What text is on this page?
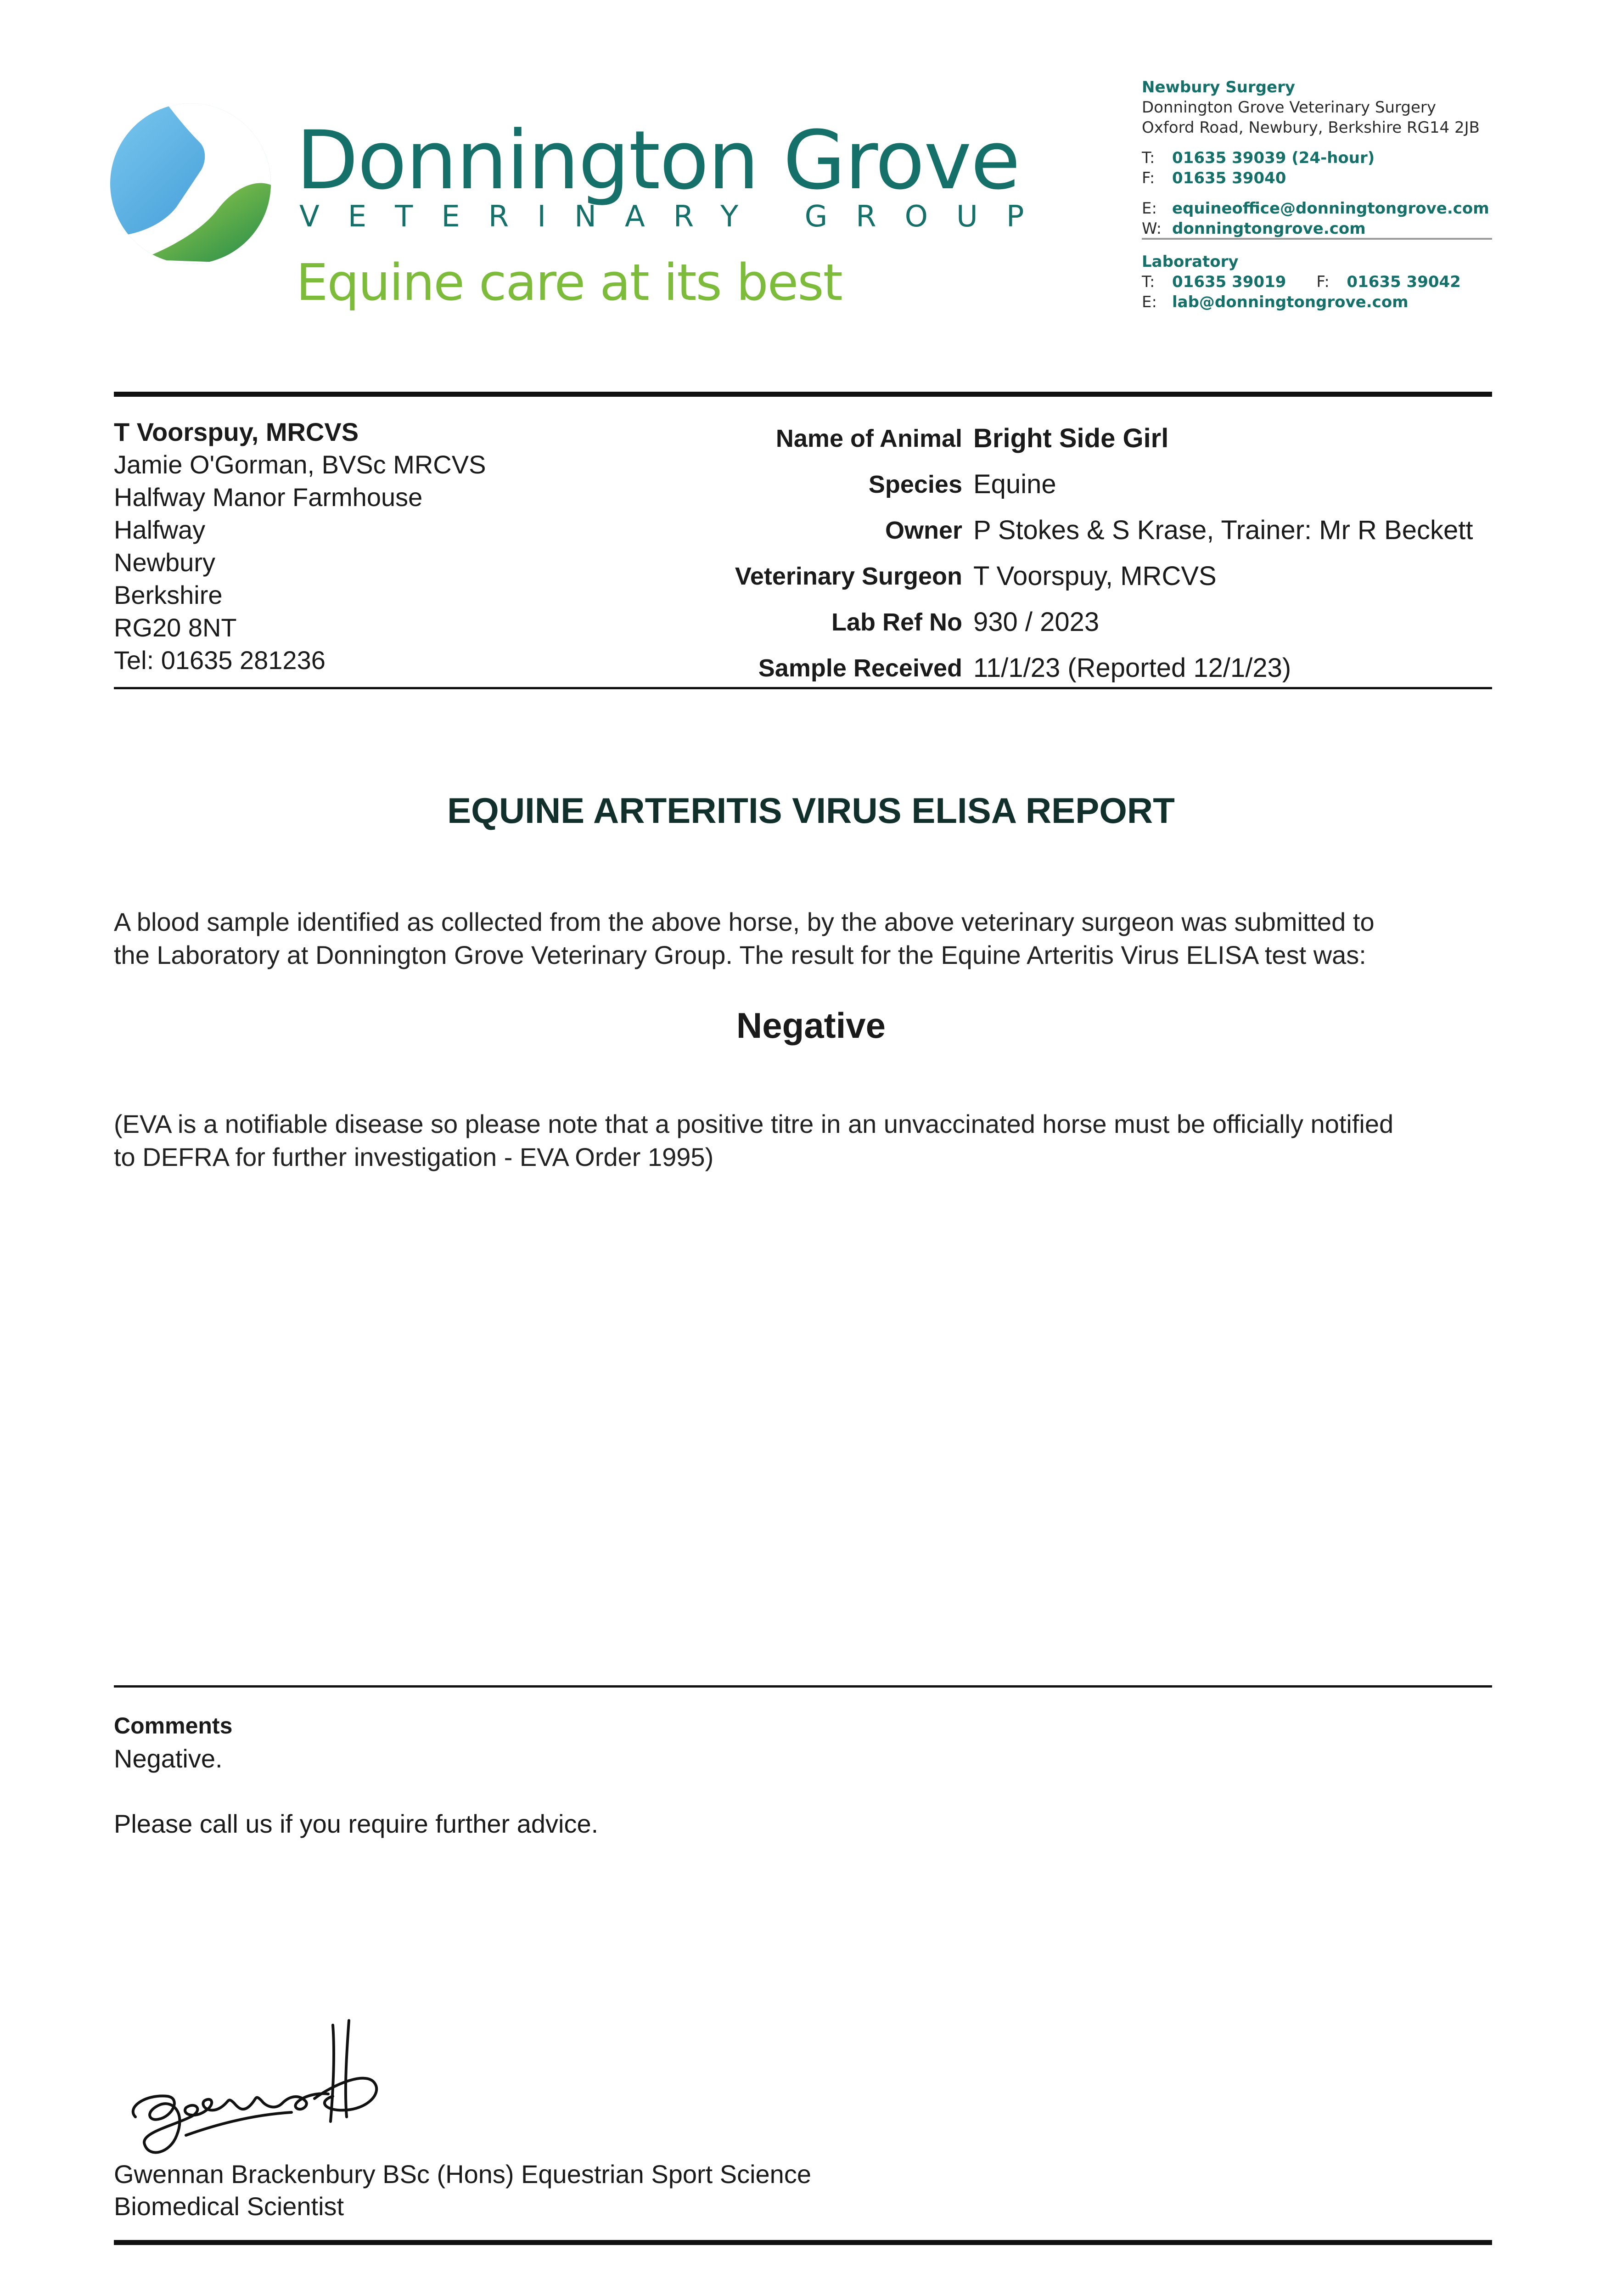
Donnington Grove
VETERINARY GROUP
Equine care at its best
Newbury Surgery
Donnington Grove Veterinary Surgery
Oxford Road, Newbury, Berkshire RG14 2JB
T:	01635 39039 (24-hour)
F:	01635 39040
E: equineoffice@donningtongrove.com
W: donningtongrove.com
Laboratory
T:	01635 39019 F:	01635 39042
E: lab@donningtongrove.com
T Voorspuy, MRCVS
Jamie O'Gorman, BVSc MRCVS
Halfway Manor Farmhouse
Halfway
Newbury
Berkshire
RG20 8NT
Tel: 01635 281236
Name of Animal Bright Side Girl
Species Equine
Owner P Stokes & S Krase, Trainer: Mr R Beckett
Veterinary Surgeon T Voorspuy, MRCVS
Lab Ref No 930 / 2023
Sample Received 11/1/23 (Reported 12/1/23)
EQUINE ARTERITIS VIRUS ELISA REPORT
A blood sample identified as collected from the above horse, by the above veterinary surgeon was submitted to
the Laboratory at Donnington Grove Veterinary Group. The result for the Equine Arteritis Virus ELISA test was:
Negative
(EVA is a notifiable disease so please note that a positive titre in an unvaccinated horse must be officially notified
to DEFRA for further investigation - EVA Order 1995)
Comments
Negative.
Please call us if you require further advice.
Gwennan Brackenbury BSc (Hons) Equestrian Sport Science
Biomedical Scientist
